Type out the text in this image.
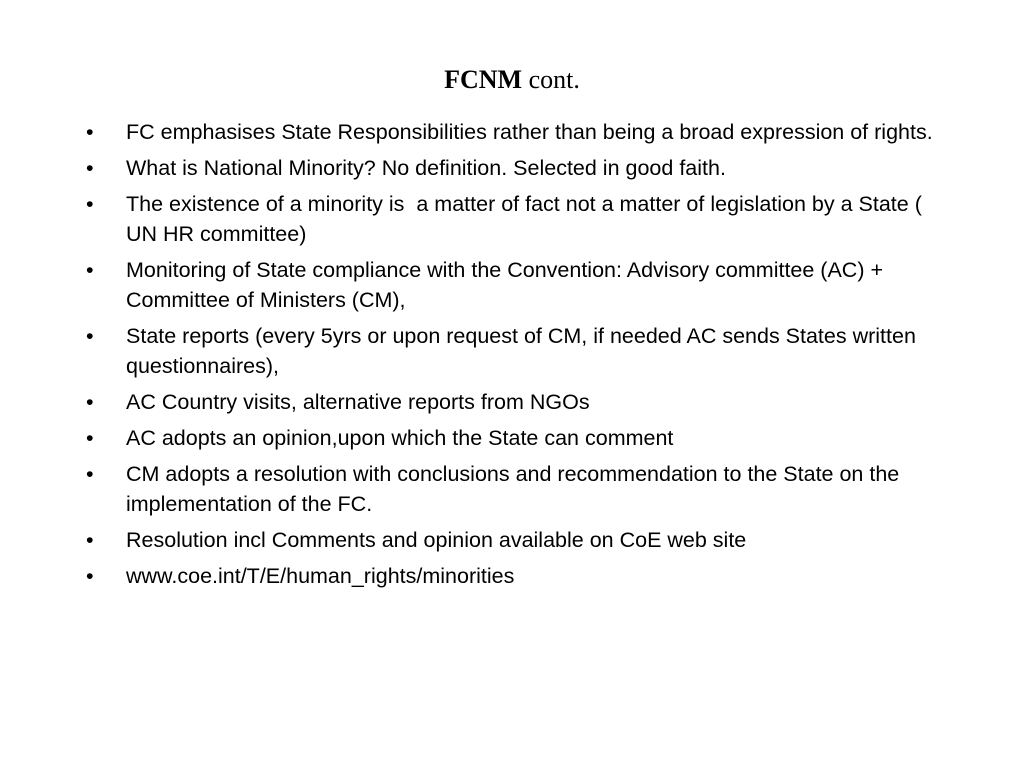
FCNM cont.
•	FC emphasises State Responsibilities rather than being a broad expression of rights.
•	What is National Minority? No definition. Selected in good faith.
•	The existence of a minority is  a matter of fact not a matter of legislation by a State ( UN HR committee)
•	Monitoring of State compliance with the Convention: Advisory committee (AC) + Committee of Ministers (CM),
•	State reports (every 5yrs or upon request of CM, if needed AC sends States written questionnaires),
•	AC Country visits, alternative reports from NGOs
•	AC adopts an opinion,upon which the State can comment
•	CM adopts a resolution with conclusions and recommendation to the State on the implementation of the FC.
•	Resolution incl Comments and opinion available on CoE web site
•	www.coe.int/T/E/human_rights/minorities
